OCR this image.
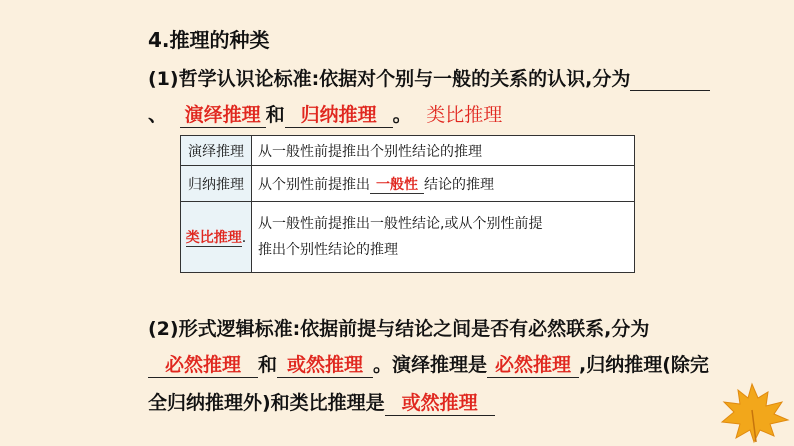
4.推理的种类
(1)哲学认识论标准:依据对个别与一般的关系的认识,分为
、 演绎推理 和 归纳推理 。 类比推理
演绎推理	从一般性前提推出个别性结论的推理
归纳推理	从个别性前提推出 一般性 结论的推理
类比推理.	从一般性前提推出一般性结论,或从个别性前提
推出个别性结论的推理
(2)形式逻辑标准:依据前提与结论之间是否有必然联系,分为
必然推理 和 或然推理 。演绎推理是 必然推理 ,归纳推理(除完
全归纳推理外)和类比推理是 或然推理
